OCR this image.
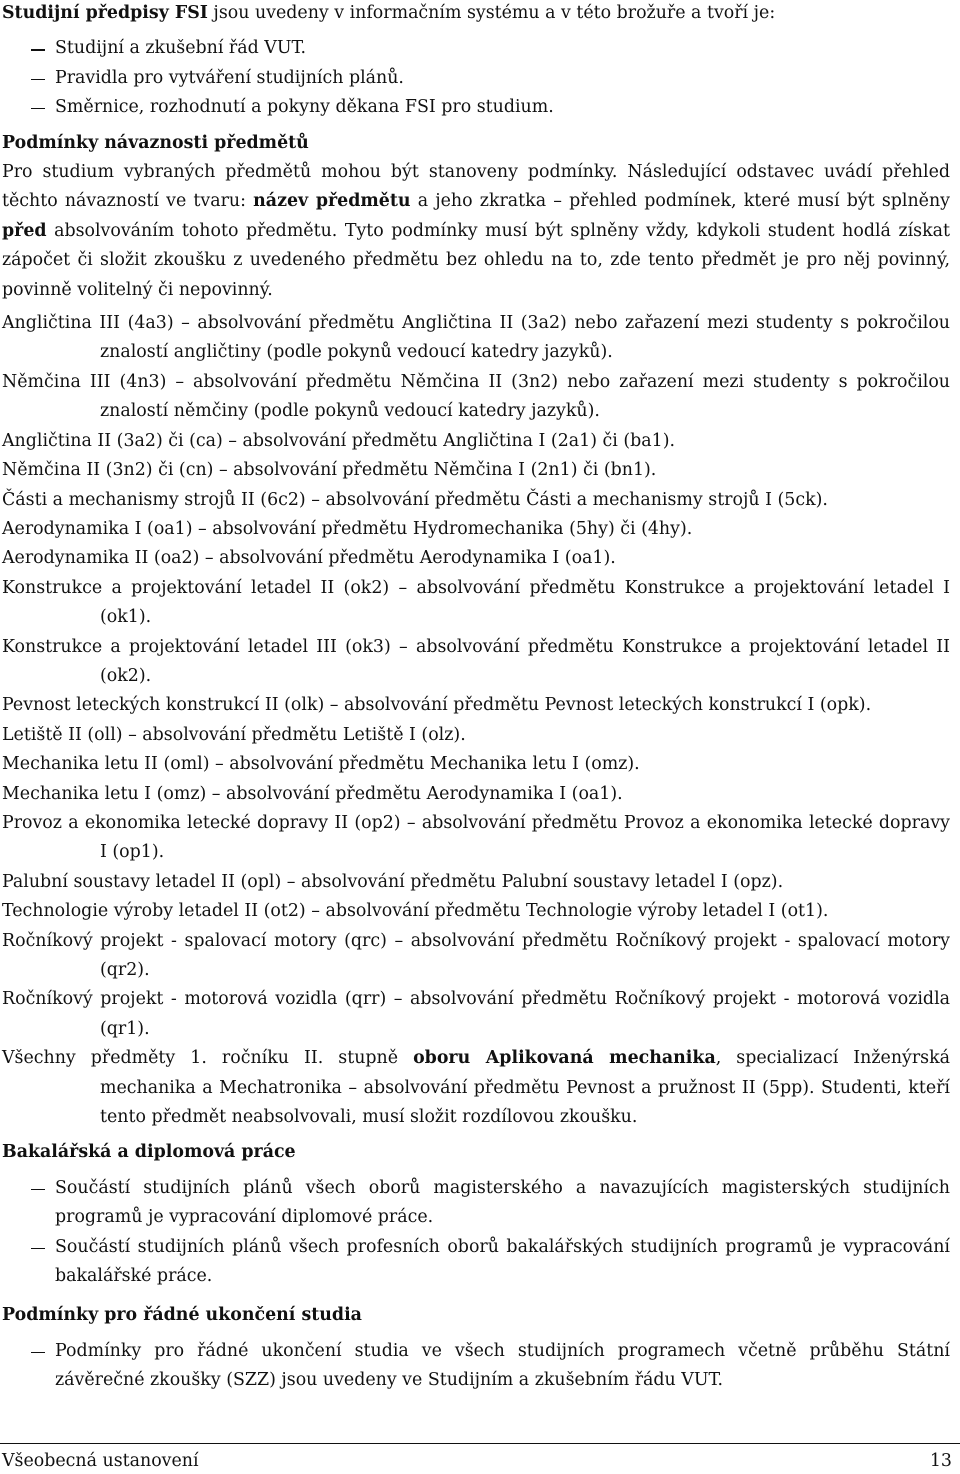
Studijní předpisy FSI jsou uvedeny v informačním systému a v této brožuře a tvoří je:

Studijní a zkušební řád VUT.
Pravidla pro vytváření studijních plánů.
Směrnice, rozhodnutí a pokyny děkana FSI pro studium.

Podmínky návaznosti předmětů

Pro studium vybraných předmětů mohou být stanoveny podmínky. Následující odstavec uvádí přehled těchto návazností ve tvaru: název předmětu a jeho zkratka – přehled podmínek, které musí být splněny před absolvováním tohoto předmětu. Tyto podmínky musí být splněny vždy, kdykoli student hodlá získat zápočet či složit zkoušku z uvedeného předmětu bez ohledu na to, zde tento předmět je pro něj povinný, povinně volitelný či nepovinný.

Angličtina III (4a3) – absolvování předmětu Angličtina II (3a2) nebo zařazení mezi studenty s pokročilou znalostí angličtiny (podle pokynů vedoucí katedry jazyků).

Němčina III (4n3) – absolvování předmětu Němčina II (3n2) nebo zařazení mezi studenty s pokročilou znalostí němčiny (podle pokynů vedoucí katedry jazyků).

Angličtina II (3a2) či (ca) – absolvování předmětu Angličtina I (2a1) či (ba1).

Němčina II (3n2) či (cn) – absolvování předmětu Němčina I (2n1) či (bn1).

Části a mechanismy strojů II (6c2) – absolvování předmětu Části a mechanismy strojů I (5ck).

Aerodynamika I (oa1) – absolvování předmětu Hydromechanika (5hy) či (4hy).

Aerodynamika II (oa2) – absolvování předmětu Aerodynamika I (oa1).

Konstrukce a projektování letadel II (ok2) – absolvování předmětu Konstrukce a projektování letadel I (ok1).

Konstrukce a projektování letadel III (ok3) – absolvování předmětu Konstrukce a projektování letadel II (ok2).

Pevnost leteckých konstrukcí II (olk) – absolvování předmětu Pevnost leteckých konstrukcí I (opk).

Letiště II (oll) – absolvování předmětu Letiště I (olz).

Mechanika letu II (oml) – absolvování předmětu Mechanika letu I (omz).

Mechanika letu I (omz) – absolvování předmětu Aerodynamika I (oa1).

Provoz a ekonomika letecké dopravy II (op2) – absolvování předmětu Provoz a ekonomika letecké dopravy I (op1).

Palubní soustavy letadel II (opl) – absolvování předmětu Palubní soustavy letadel I (opz).

Technologie výroby letadel II (ot2) – absolvování předmětu Technologie výroby letadel I (ot1).

Ročníkový projekt - spalovací motory (qrc) – absolvování předmětu Ročníkový projekt - spalovací motory (qr2).

Ročníkový projekt - motorová vozidla (qrr) – absolvování předmětu Ročníkový projekt - motorová vozidla (qr1).

Všechny předměty 1. ročníku II. stupně oboru Aplikovaná mechanika, specializací Inženýrská mechanika a Mechatronika – absolvování předmětu Pevnost a pružnost II (5pp). Studenti, kteří tento předmět neabsolvovali, musí složit rozdílovou zkoušku.

Bakalářská a diplomová práce

Součástí studijních plánů všech oborů magisterského a navazujících magisterských studijních programů je vypracování diplomové práce.
Součástí studijních plánů všech profesních oborů bakalářských studijních programů je vypracování bakalářské práce.

Podmínky pro řádné ukončení studia

Podmínky pro řádné ukončení studia ve všech studijních programech včetně průběhu Státní závěrečné zkoušky (SZZ) jsou uvedeny ve Studijním a zkušebním řádu VUT.
Všeobecná ustanovení	13
